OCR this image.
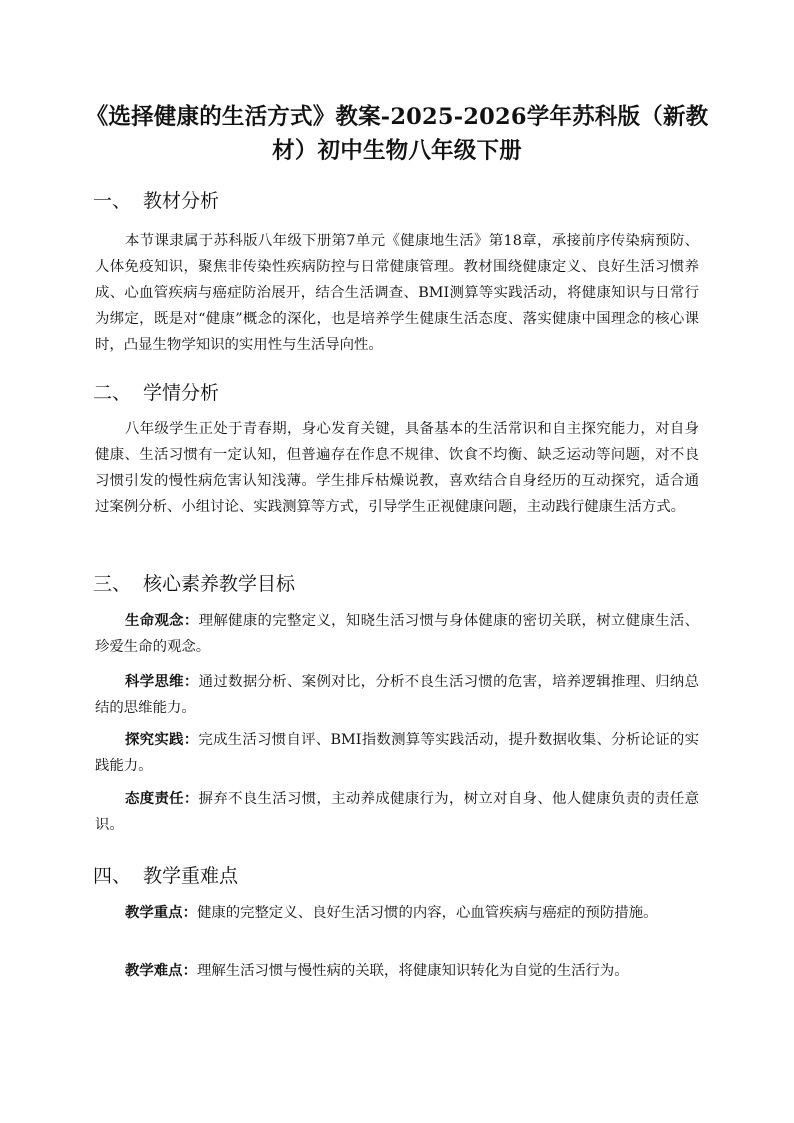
《选择健康的生活方式》教案-2025-2026学年苏科版（新教材）初中生物八年级下册
一、 教材分析
本节课隶属于苏科版八年级下册第7单元《健康地生活》第18章，承接前序传染病预防、人体免疫知识，聚焦非传染性疾病防控与日常健康管理。教材围绕健康定义、良好生活习惯养成、心血管疾病与癌症防治展开，结合生活调查、BMI测算等实践活动，将健康知识与日常行为绑定，既是对“健康”概念的深化，也是培养学生健康生活态度、落实健康中国理念的核心课时，凸显生物学知识的实用性与生活导向性。
二、 学情分析
八年级学生正处于青春期，身心发育关键，具备基本的生活常识和自主探究能力，对自身健康、生活习惯有一定认知，但普遍存在作息不规律、饮食不均衡、缺乏运动等问题，对不良习惯引发的慢性病危害认知浅薄。学生排斥枯燥说教，喜欢结合自身经历的互动探究，适合通过案例分析、小组讨论、实践测算等方式，引导学生正视健康问题，主动践行健康生活方式。
三、 核心素养教学目标
生命观念：理解健康的完整定义，知晓生活习惯与身体健康的密切关联，树立健康生活、珍爱生命的观念。
科学思维：通过数据分析、案例对比，分析不良生活习惯的危害，培养逻辑推理、归纳总结的思维能力。
探究实践：完成生活习惯自评、BMI指数测算等实践活动，提升数据收集、分析论证的实践能力。
态度责任：摒弃不良生活习惯，主动养成健康行为，树立对自身、他人健康负责的责任意识。
四、 教学重难点
教学重点：健康的完整定义、良好生活习惯的内容，心血管疾病与癌症的预防措施。
教学难点：理解生活习惯与慢性病的关联，将健康知识转化为自觉的生活行为。
